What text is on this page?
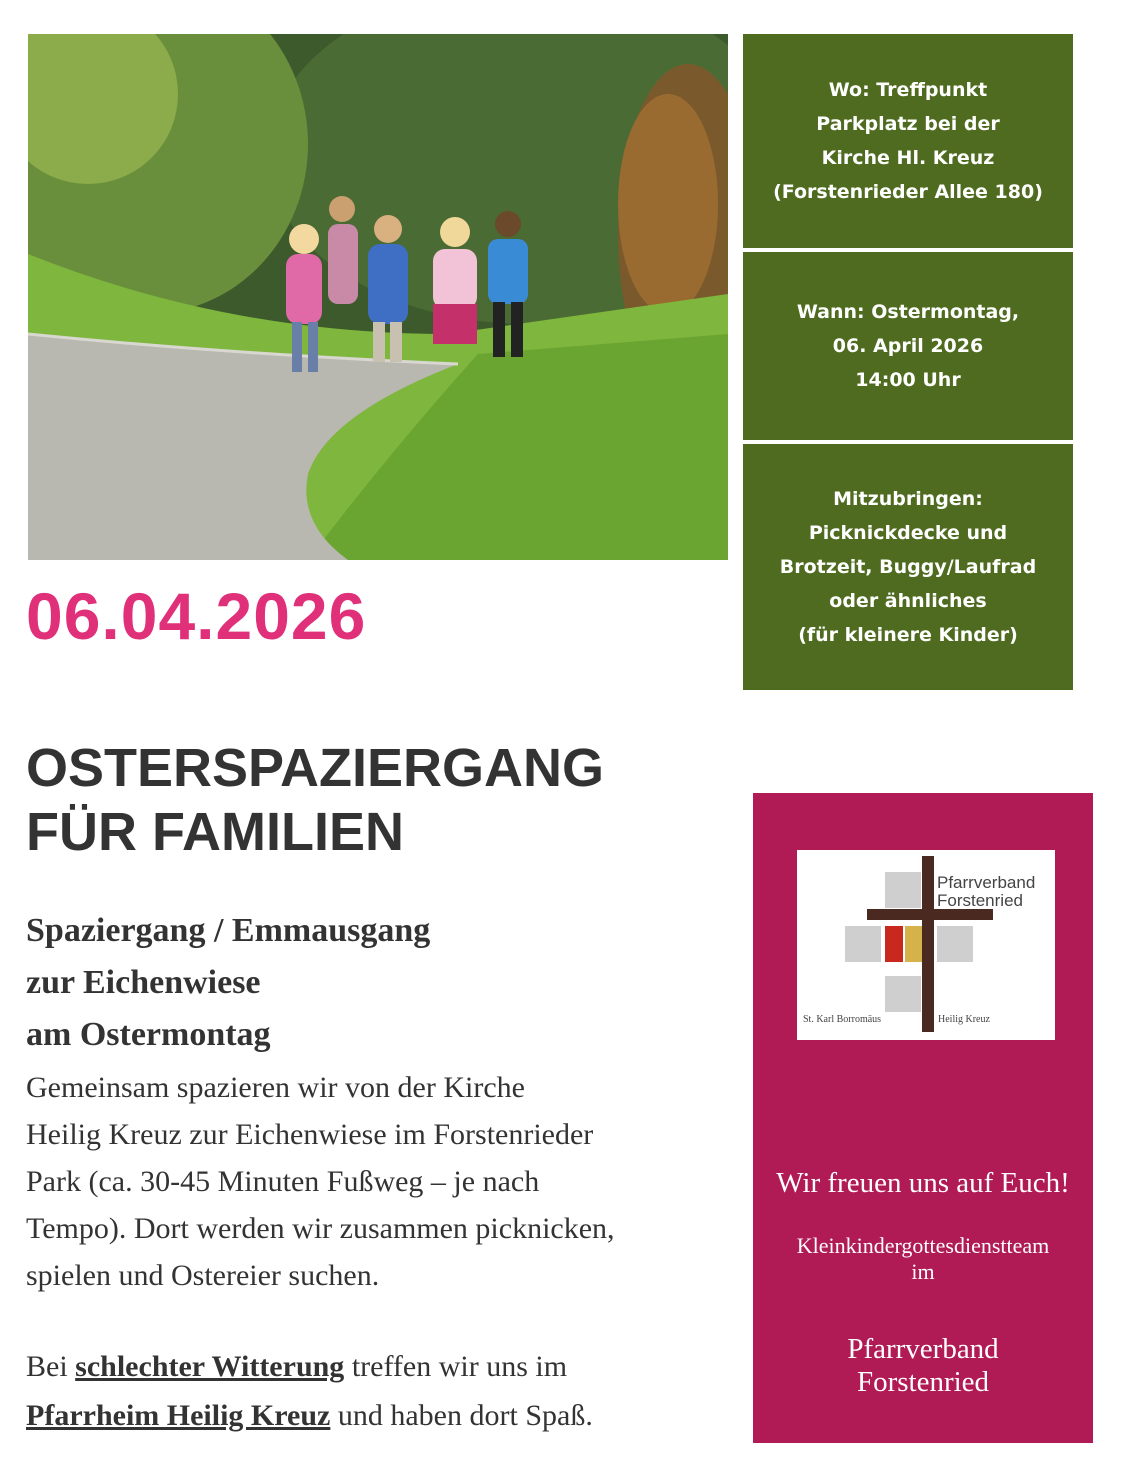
06.04.2026
Wo: Treffpunkt
Parkplatz bei der
Kirche Hl. Kreuz
(Forstenrieder Allee 180)
Wann: Ostermontag,
06. April 2026
14:00 Uhr
Mitzubringen:
Picknickdecke und
Brotzeit, Buggy/Laufrad
oder ähnliches
(für kleinere Kinder)
OSTERSPAZIERGANG
FÜR FAMILIEN
Spaziergang / Emmausgang
zur Eichenwiese
am Ostermontag
Gemeinsam spazieren wir von der Kirche
Heilig Kreuz zur Eichenwiese im Forstenrieder
Park (ca. 30-45 Minuten Fußweg – je nach
Tempo). Dort werden wir zusammen picknicken,
spielen und Ostereier suchen.
Bei schlechter Witterung treffen wir uns im
Pfarrheim Heilig Kreuz und haben dort Spaß.
Pfarrverband
Forstenried
St. Karl Borromäus	Heilig Kreuz
Wir freuen uns auf Euch!
Kleinkindergottesdienstteam
im
Pfarrverband
Forstenried
